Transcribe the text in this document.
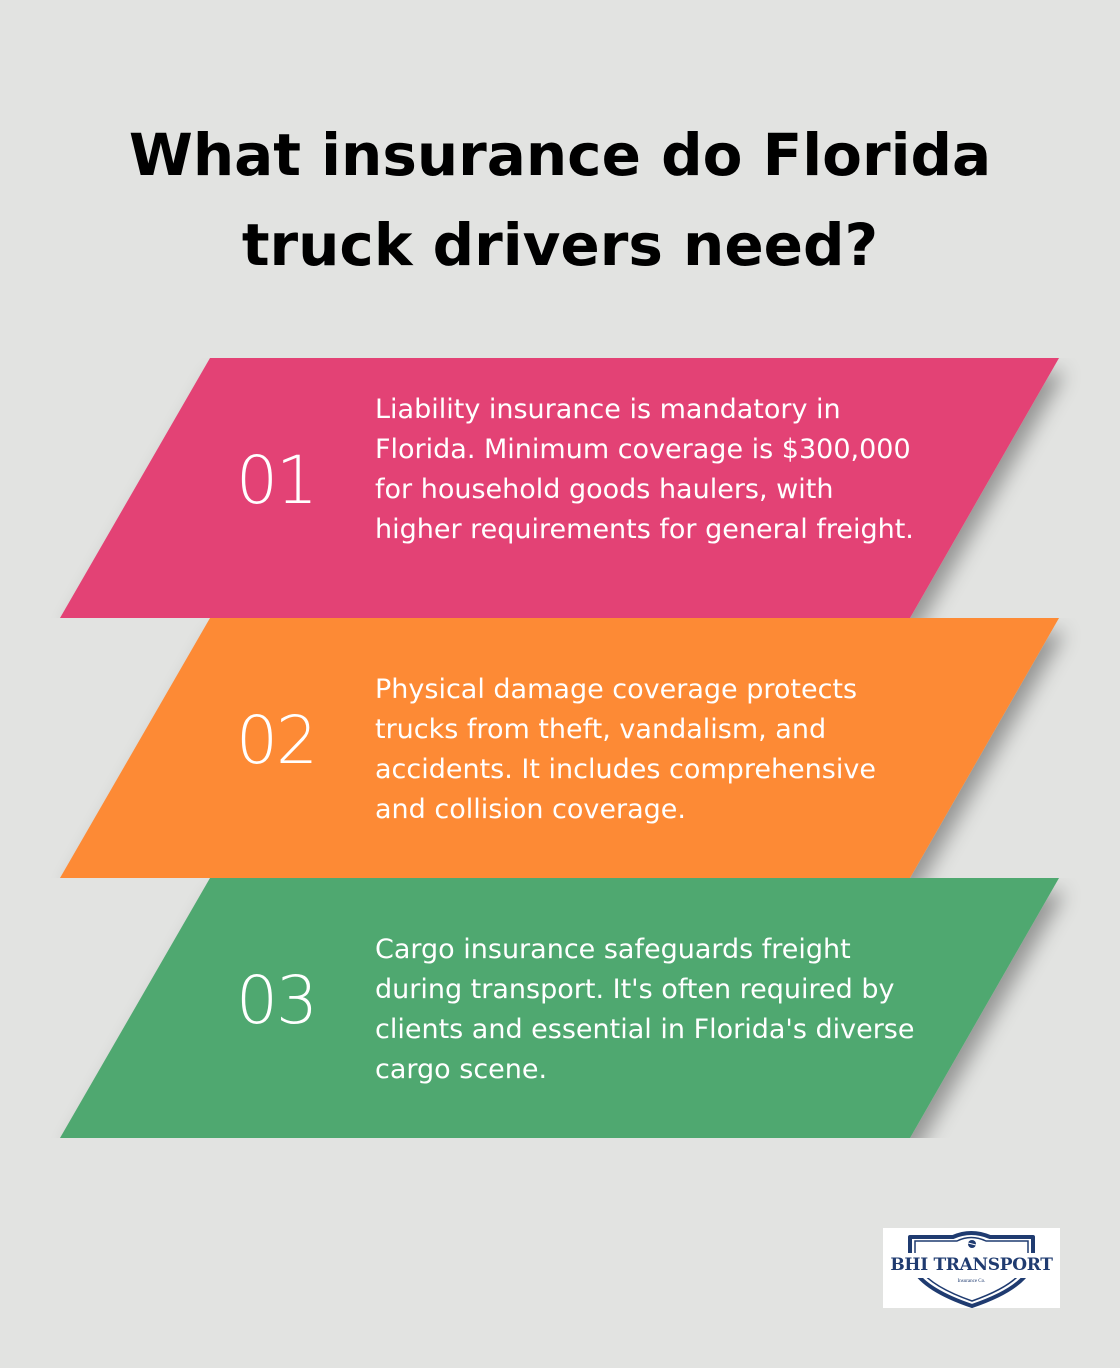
What insurance do Florida truck drivers need?
01
Liability insurance is mandatory in Florida. Minimum coverage is $300,000 for household goods haulers, with higher requirements for general freight.
02
Physical damage coverage protects trucks from theft, vandalism, and accidents. It includes comprehensive and collision coverage.
03
Cargo insurance safeguards freight during transport. It's often required by clients and essential in Florida's diverse cargo scene.
BHI TRANSPORT
Insurance Co.
